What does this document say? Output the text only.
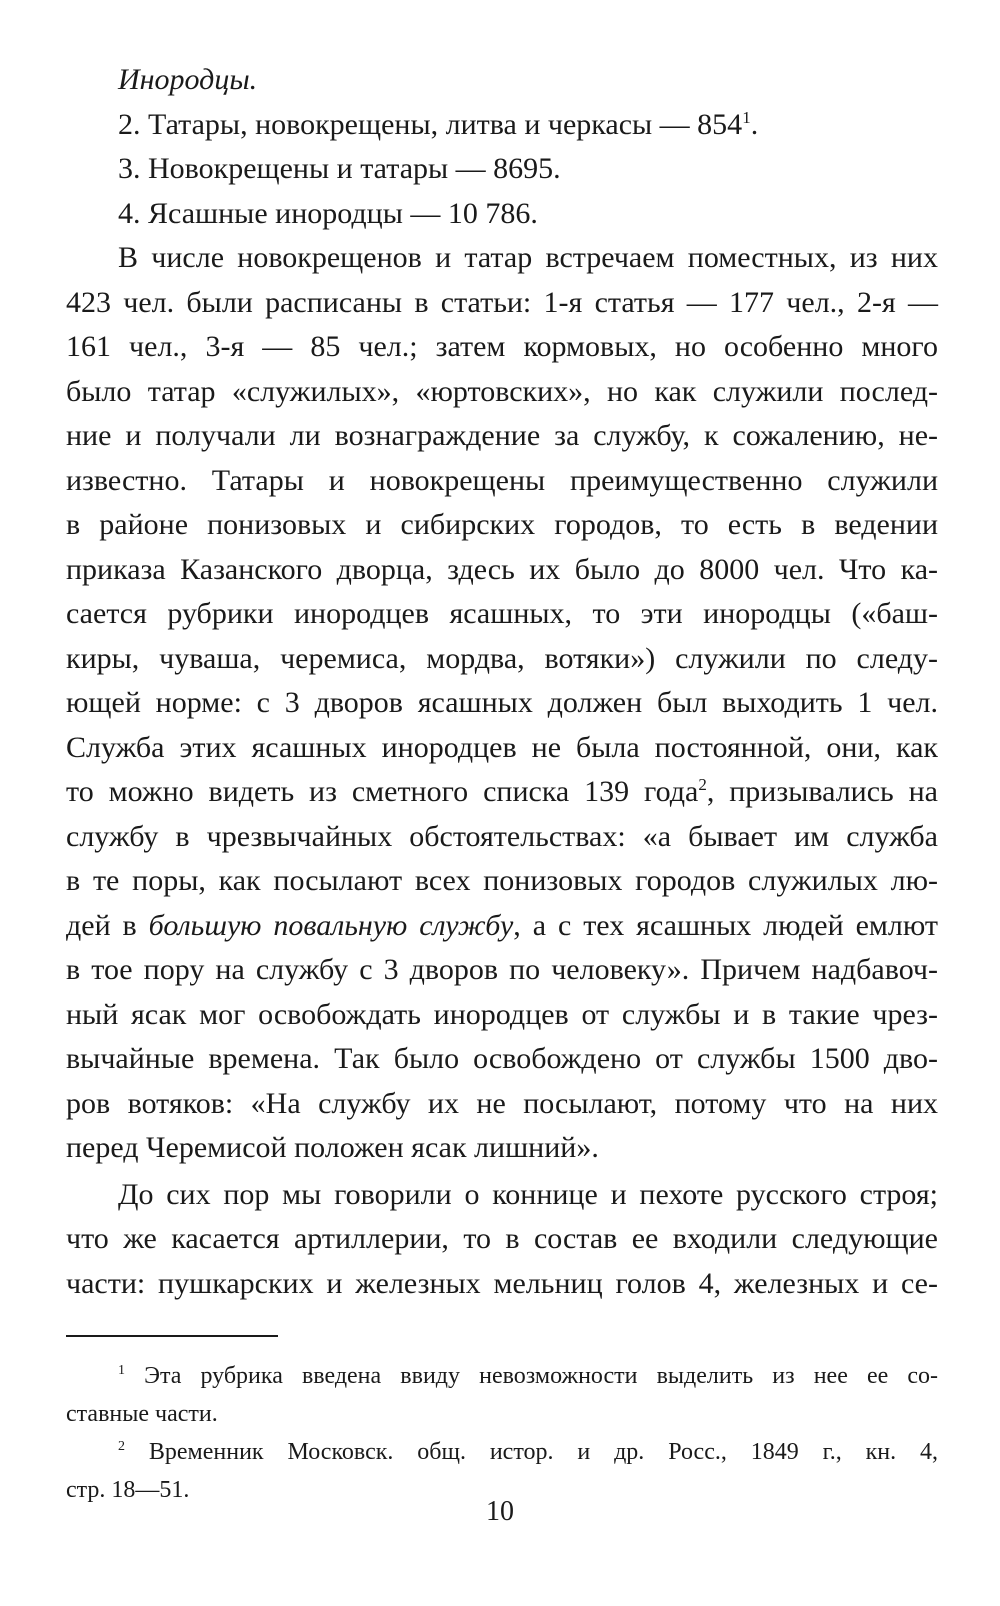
Инородцы.
2. Татары, новокрещены, литва и черкасы — $854^1$.
3. Новокрещены и татары — 8695.
4. Ясашные инородцы — 10 786.
В числе новокрещенов и татар встречаем поместных, из них
423 чел. были расписаны в статьи: 1-я статья — 177 чел., 2-я —
161 чел., 3-я — 85 чел.; затем кормовых, но особенно много
было татар «служилых», «юртовских», но как служили послед-
ние и получали ли вознаграждение за службу, к сожалению, не-
известно. Татары и новокрещены преимущественно служили
в районе понизовых и сибирских городов, то есть в ведении
приказа Казанского дворца, здесь их было до 8000 чел. Что ка-
сается рубрики инородцев ясашных, то эти инородцы («баш-
киры, чуваша, черемиса, мордва, вотяки») служили по следу-
ющей норме: с 3 дворов ясашных должен был выходить 1 чел.
Служба этих ясашных инородцев не была постоянной, они, как
то можно видеть из сметного списка 139 года$^2$, призывались на
службу в чрезвычайных обстоятельствах: «а бывает им служба
в те поры, как посылают всех понизовых городов служилых лю-
дей в большую повальную службу, а с тех ясашных людей емлют
в тое пору на службу с 3 дворов по человеку». Причем надбавоч-
ный ясак мог освобождать инородцев от службы и в такие чрез-
вычайные времена. Так было освобождено от службы 1500 дво-
ров вотяков: «На службу их не посылают, потому что на них
перед Черемисой положен ясак лишний».
До сих пор мы говорили о коннице и пехоте русского строя;
что же касается артиллерии, то в состав ее входили следующие
части: пушкарских и железных мельниц голов 4, железных и се-
$^1$ Эта рубрика введена ввиду невозможности выделить из нее ее со-
ставные части.
$^2$ Временник Московск. общ. истор. и др. Росс., 1849 г., кн. 4,
стр. 18—51.
10
